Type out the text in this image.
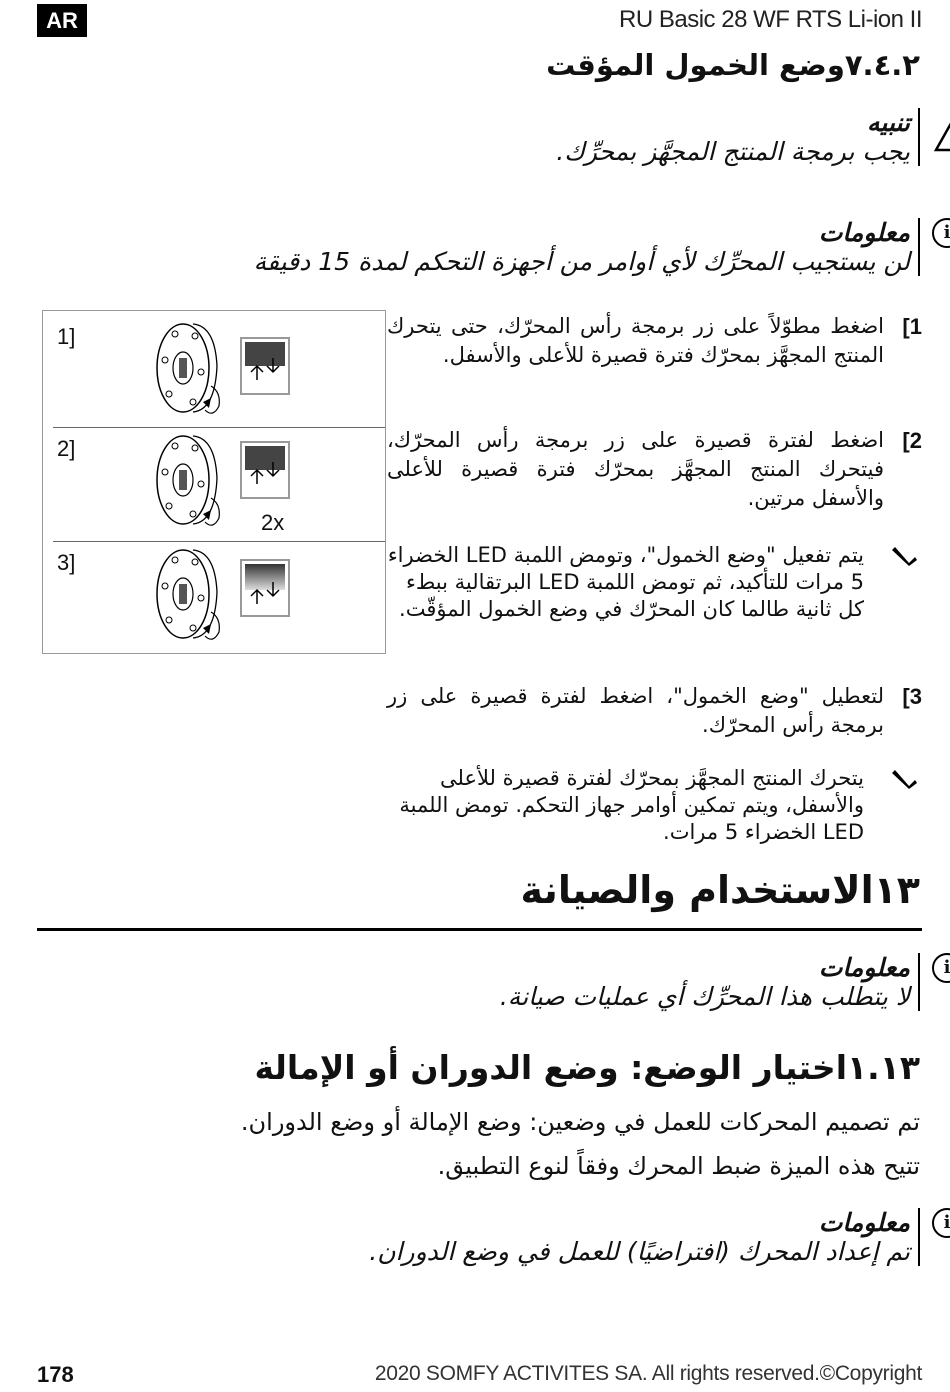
AR	RU Basic 28 WF RTS Li-ion II
٧.٤.٢وضع الخمول المؤقت
تنبيه
يجب برمجة المنتج المجهَّز بمحرِّك.
i
معلومات
لن يستجيب المحرِّك لأي أوامر من أجهزة التحكم لمدة 15 دقيقة
1]
2]
2x
3]
1]
اضغط مطوّلاً على زر برمجة رأس المحرّك، حتى يتحرك المنتج المجهَّز بمحرّك فترة قصيرة للأعلى والأسفل.
2]
اضغط لفترة قصيرة على زر برمجة رأس المحرّك، فيتحرك المنتج المجهَّز بمحرّك فترة قصيرة للأعلى والأسفل مرتين.
يتم تفعيل "وضع الخمول"، وتومض اللمبة LED الخضراء 5 مرات للتأكيد، ثم تومض اللمبة LED البرتقالية ببطء كل ثانية طالما كان المحرّك في وضع الخمول المؤقّت.
3]
لتعطيل "وضع الخمول"، اضغط لفترة قصيرة على زر برمجة رأس المحرّك.
يتحرك المنتج المجهَّز بمحرّك لفترة قصيرة للأعلى والأسفل، ويتم تمكين أوامر جهاز التحكم. تومض اللمبة LED الخضراء 5 مرات.
١٣الاستخدام والصيانة
i
معلومات
لا يتطلب هذا المحرِّك أي عمليات صيانة.
١.١٣اختيار الوضع: وضع الدوران أو الإمالة
تم تصميم المحركات للعمل في وضعين: وضع الإمالة أو وضع الدوران.
تتيح هذه الميزة ضبط المحرك وفقاً لنوع التطبيق.
i
معلومات
تم إعداد المحرك (افتراضيًا) للعمل في وضع الدوران.
178	2020 SOMFY ACTIVITES SA. All rights reserved.©Copyright
